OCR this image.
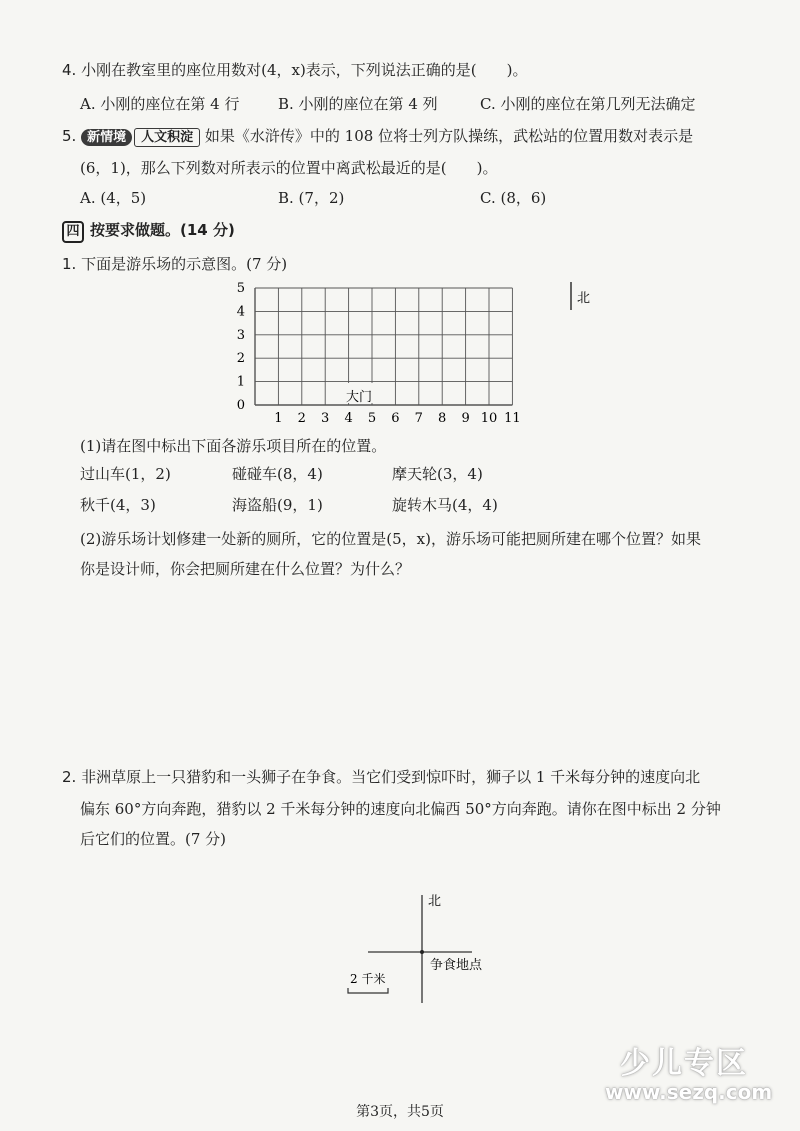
4. 小刚在教室里的座位用数对(4，x)表示，下列说法正确的是(　　)。
A. 小刚的座位在第 4 行	B. 小刚的座位在第 4 列	C. 小刚的座位在第几列无法确定
5. 新情境 人文积淀 如果《水浒传》中的 108 位将士列方队操练，武松站的位置用数对表示是
(6，1)，那么下列数对所表示的位置中离武松最近的是(　　)。
A. (4，5)	B. (7，2)	C. (8，6)
四 按要求做题。(14 分)
1. 下面是游乐场的示意图。(7 分)
1 2 3 4 5 6 7 8 9 10 11
0
1
2
3
4
5
北
大门
(1)请在图中标出下面各游乐项目所在的位置。
过山车(1，2)	碰碰车(8，4)	摩天轮(3，4)
秋千(4，3)	海盗船(9，1)	旋转木马(4，4)
(2)游乐场计划修建一处新的厕所，它的位置是(5，x)，游乐场可能把厕所建在哪个位置？如果
你是设计师，你会把厕所建在什么位置？为什么？
2. 非洲草原上一只猎豹和一头狮子在争食。当它们受到惊吓时，狮子以 1 千米每分钟的速度向北
偏东 60°方向奔跑，猎豹以 2 千米每分钟的速度向北偏西 50°方向奔跑。请你在图中标出 2 分钟
后它们的位置。(7 分)
北
争食地点
2 千米
第3页，共5页
少儿专区
www.sezq.com
